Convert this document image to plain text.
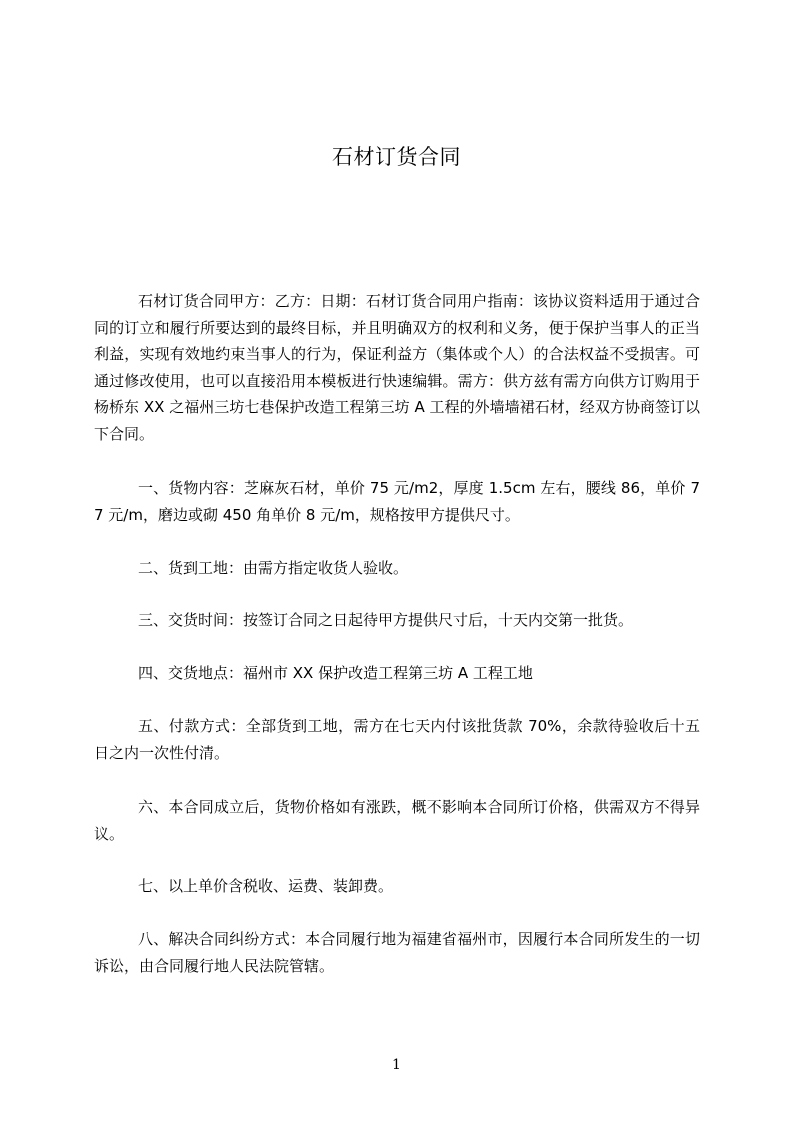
石材订货合同

石材订货合同甲方：乙方：日期：石材订货合同用户指南：该协议资料适用于通过合同的订立和履行所要达到的最终目标，并且明确双方的权利和义务，便于保护当事人的正当利益，实现有效地约束当事人的行为，保证利益方（集体或个人）的合法权益不受损害。可通过修改使用，也可以直接沿用本模板进行快速编辑。需方：供方兹有需方向供方订购用于杨桥东 XX 之福州三坊七巷保护改造工程第三坊 A 工程的外墙墙裙石材，经双方协商签订以下合同。

一、货物内容：芝麻灰石材，单价 75 元/m2，厚度 1.5cm 左右，腰线 86，单价 77 元/m，磨边或砌 450 角单价 8 元/m，规格按甲方提供尺寸。

二、货到工地：由需方指定收货人验收。

三、交货时间：按签订合同之日起待甲方提供尺寸后，十天内交第一批货。

四、交货地点：福州市 XX 保护改造工程第三坊 A 工程工地

五、付款方式：全部货到工地，需方在七天内付该批货款 70%，余款待验收后十五日之内一次性付清。

六、本合同成立后，货物价格如有涨跌，概不影响本合同所订价格，供需双方不得异议。

七、以上单价含税收、运费、装卸费。

八、解决合同纠纷方式：本合同履行地为福建省福州市，因履行本合同所发生的一切诉讼，由合同履行地人民法院管辖。

1
